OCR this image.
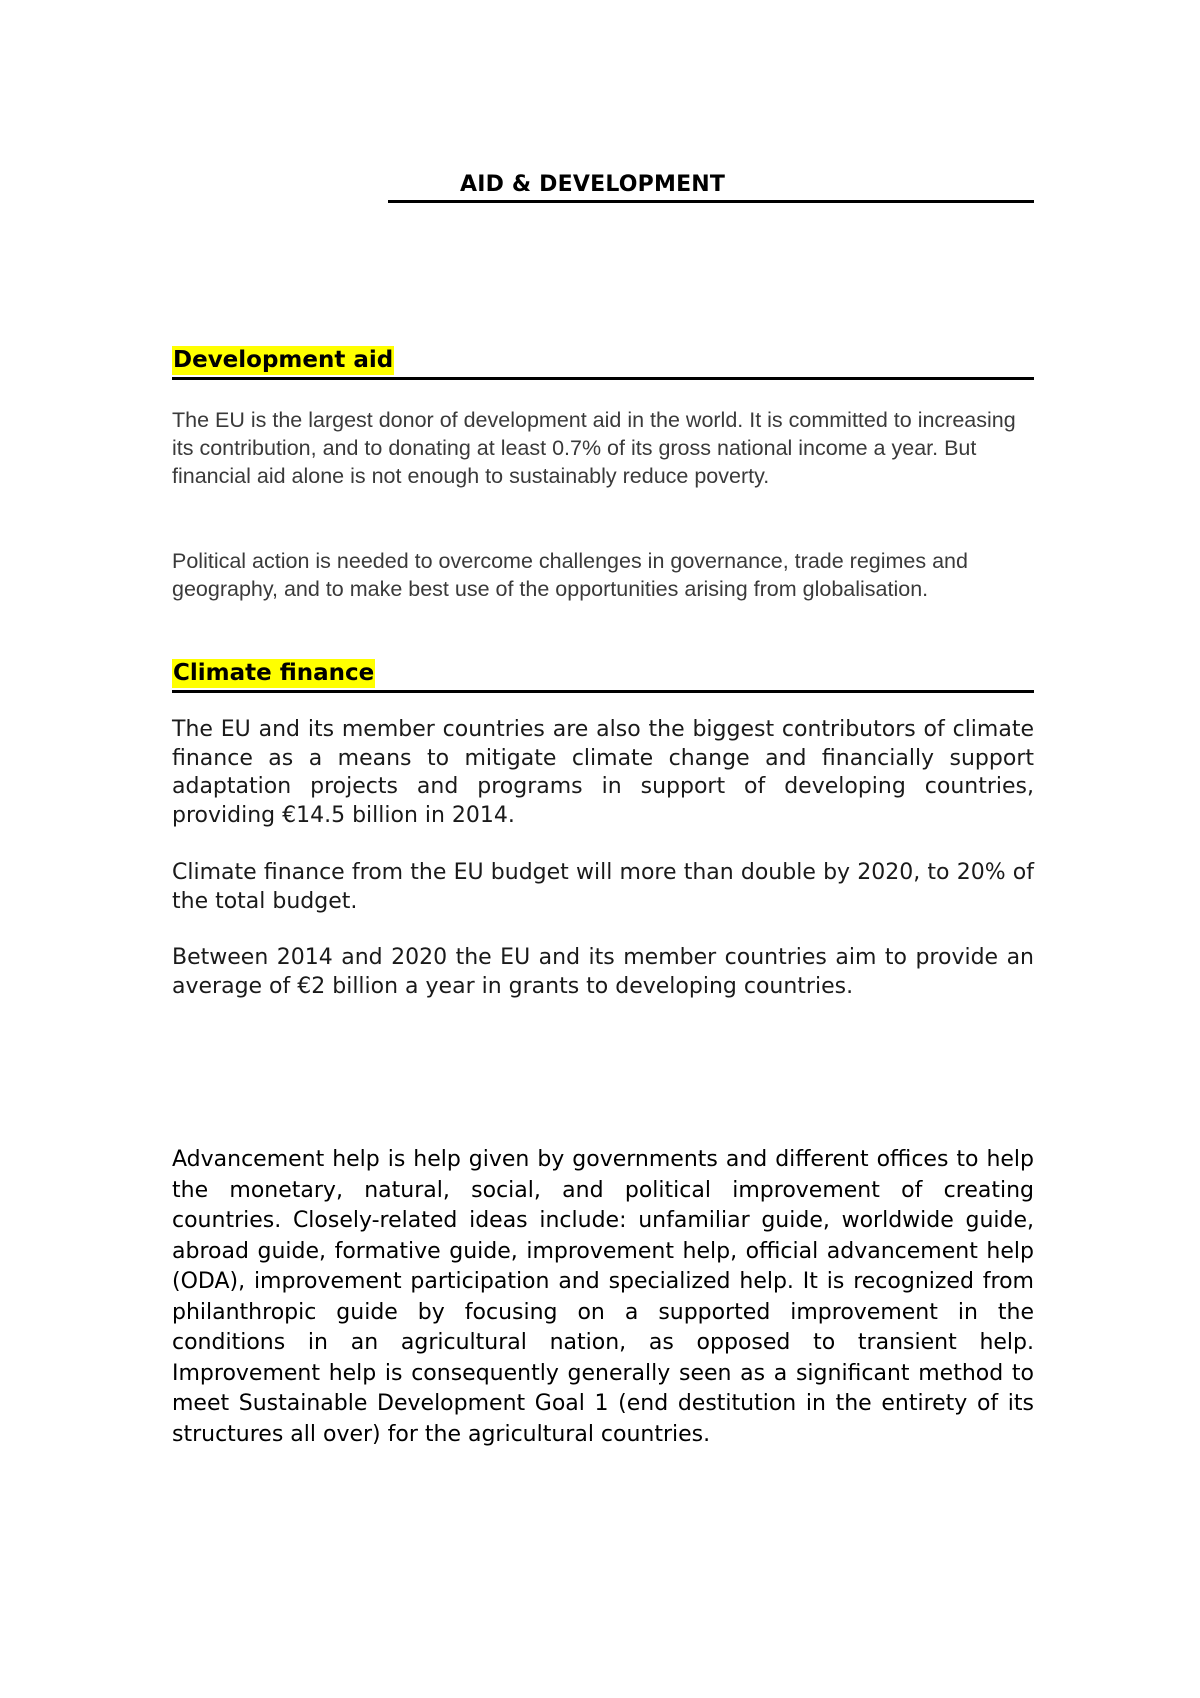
AID & DEVELOPMENT
Development aid

The EU is the largest donor of development aid in the world. It is committed to increasing its contribution, and to donating at least 0.7% of its gross national income a year. But financial aid alone is not enough to sustainably reduce poverty.

Political action is needed to overcome challenges in governance, trade regimes and geography, and to make best use of the opportunities arising from globalisation.

Climate finance

The EU and its member countries are also the biggest contributors of climate finance as a means to mitigate climate change and financially support adaptation projects and programs in support of developing countries, providing €14.5 billion in 2014.

Climate finance from the EU budget will more than double by 2020, to 20% of the total budget.

Between 2014 and 2020 the EU and its member countries aim to provide an average of €2 billion a year in grants to developing countries.

Advancement help is help given by governments and different offices to help the monetary, natural, social, and political improvement of creating countries. Closely-related ideas include: unfamiliar guide, worldwide guide, abroad guide, formative guide, improvement help, official advancement help (ODA), improvement participation and specialized help. It is recognized from philanthropic guide by focusing on a supported improvement in the conditions in an agricultural nation, as opposed to transient help. Improvement help is consequently generally seen as a significant method to meet Sustainable Development Goal 1 (end destitution in the entirety of its structures all over) for the agricultural countries.
